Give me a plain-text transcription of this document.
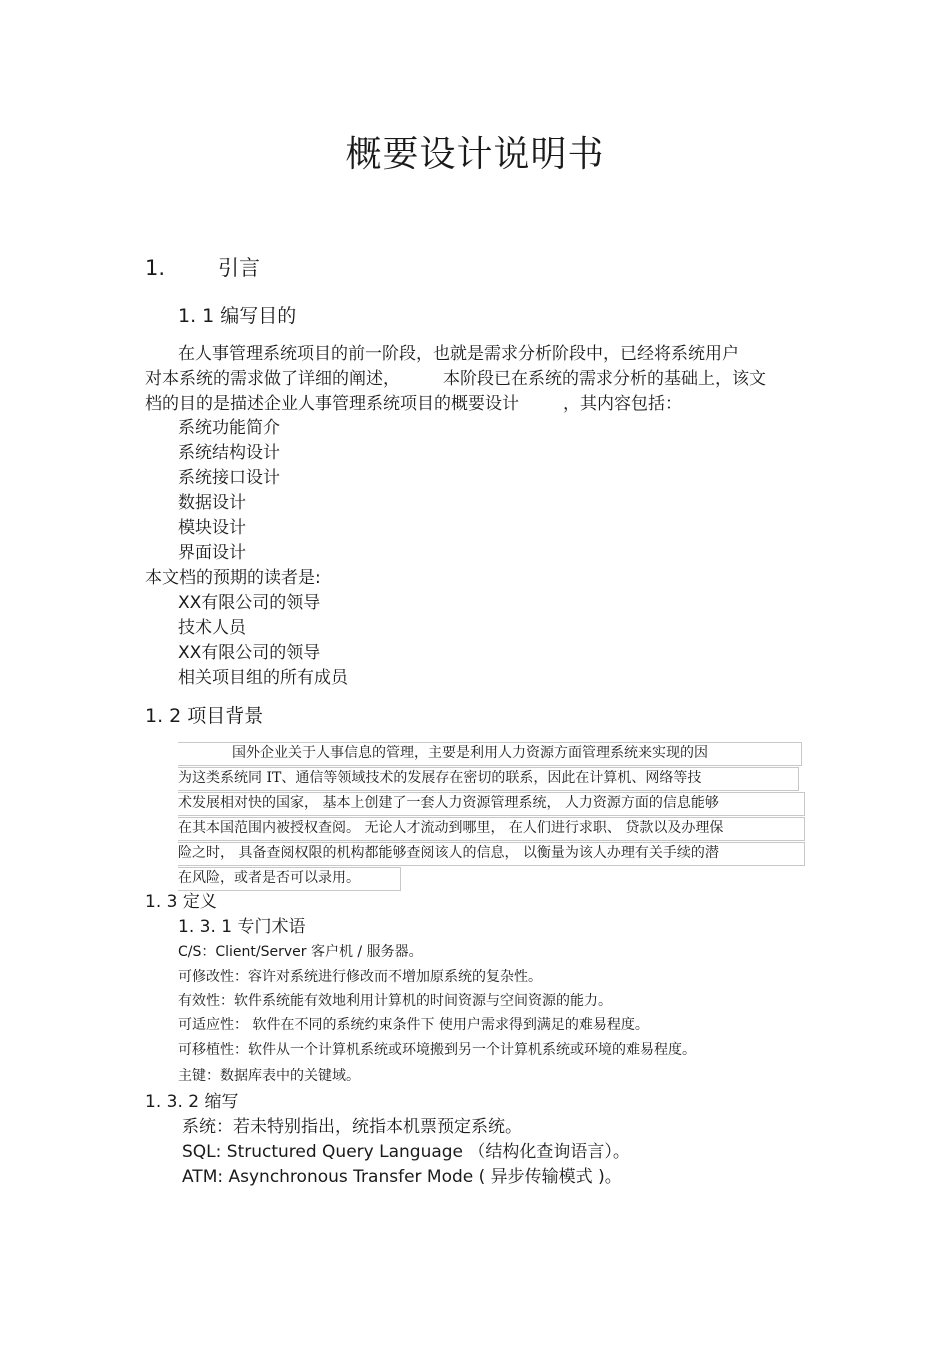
概要设计说明书
1.	引言
1. 1 编写目的
在人事管理系统项目的前一阶段，也就是需求分析阶段中，已经将系统用户
对本系统的需求做了详细的阐述，	本阶段已在系统的需求分析的基础上，该文
档的目的是描述企业人事管理系统项目的概要设计	，其内容包括：
系统功能简介
系统结构设计
系统接口设计
数据设计
模块设计
界面设计
本文档的预期的读者是:
XX有限公司的领导
技术人员
XX有限公司的领导
相关项目组的所有成员
1. 2 项目背景
国外企业关于人事信息的管理，主要是利用人力资源方面管理系统来实现的因
为这类系统同 IT、通信等领域技术的发展存在密切的联系，因此在计算机、网络等技
术发展相对快的国家， 基本上创建了一套人力资源管理系统， 人力资源方面的信息能够
在其本国范围内被授权查阅。 无论人才流动到哪里， 在人们进行求职、 贷款以及办理保
险之时， 具备查阅权限的机构都能够查阅该人的信息， 以衡量为该人办理有关手续的潜
在风险，或者是否可以录用。
1. 3 定义
1. 3. 1 专门术语
C/S：Client/Server 客户机 / 服务器。
可修改性：容许对系统进行修改而不增加原系统的复杂性。
有效性：软件系统能有效地利用计算机的时间资源与空间资源的能力。
可适应性： 软件在不同的系统约束条件下 使用户需求得到满足的难易程度。
可移植性：软件从一个计算机系统或环境搬到另一个计算机系统或环境的难易程度。
主键：数据库表中的关键域。
1. 3. 2 缩写
系统：若未特别指出，统指本机票预定系统。
SQL: Structured Query Language （结构化查询语言）。
ATM: Asynchronous Transfer Mode ( 异步传输模式 )。
